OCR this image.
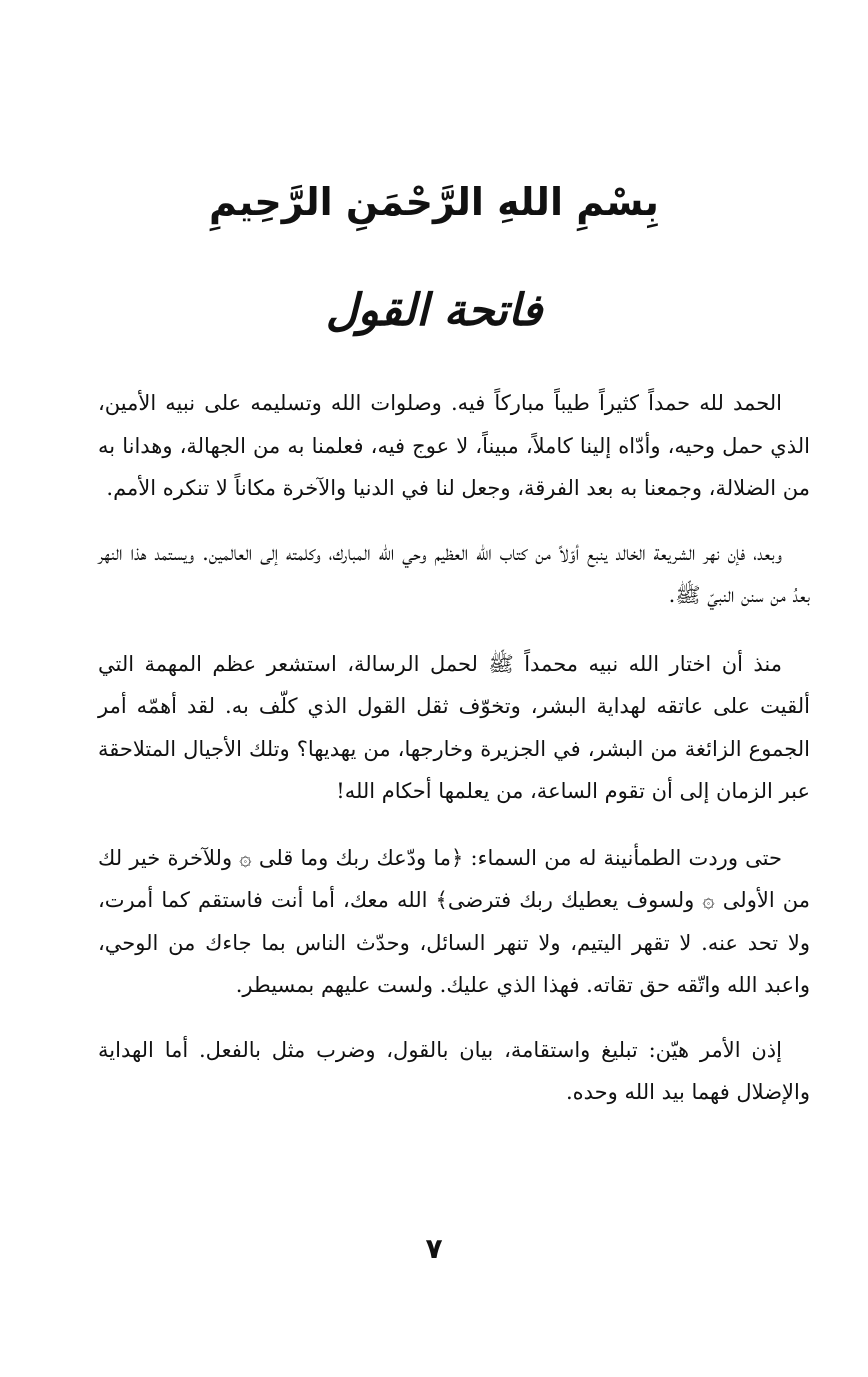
بِسْمِ اللهِ الرَّحْمَنِ الرَّحِيمِ
فاتحة القول

الحمد لله حمداً كثيراً طيباً مباركاً فيه. وصلوات الله وتسليمه على نبيه الأمين، الذي حمل وحيه، وأدّاه إلينا كاملاً، مبيناً، لا عوج فيه، فعلمنا به من الجهالة، وهدانا به من الضلالة، وجمعنا به بعد الفرقة، وجعل لنا في الدنيا والآخرة مكاناً لا تنكره الأمم.

وبعد، فإن نهر الشريعة الخالد ينبع أوّلاً من كتاب الله العظيم وحي الله المبارك، وكلمته إلى العالمين. ويستمد هذا النهر بعدُ من سنن النبيّ ﷺ.

منذ أن اختار الله نبيه محمداً ﷺ لحمل الرسالة، استشعر عظم المهمة التي ألقيت على عاتقه لهداية البشر، وتخوّف ثقل القول الذي كلّف به. لقد أهمّه أمر الجموع الزائغة من البشر، في الجزيرة وخارجها، من يهديها؟ وتلك الأجيال المتلاحقة عبر الزمان إلى أن تقوم الساعة، من يعلمها أحكام الله!

حتى وردت الطمأنينة له من السماء: ﴿ما ودّعك ربك وما قلى ۞ وللآخرة خير لك من الأولى ۞ ولسوف يعطيك ربك فترضى﴾ الله معك، أما أنت فاستقم كما أمرت، ولا تحد عنه. لا تقهر اليتيم، ولا تنهر السائل، وحدّث الناس بما جاءك من الوحي، واعبد الله واتّقه حق تقاته. فهذا الذي عليك. ولست عليهم بمسيطر.

إذن الأمر هيّن: تبليغ واستقامة، بيان بالقول، وضرب مثل بالفعل. أما الهداية والإضلال فهما بيد الله وحده.

٧
